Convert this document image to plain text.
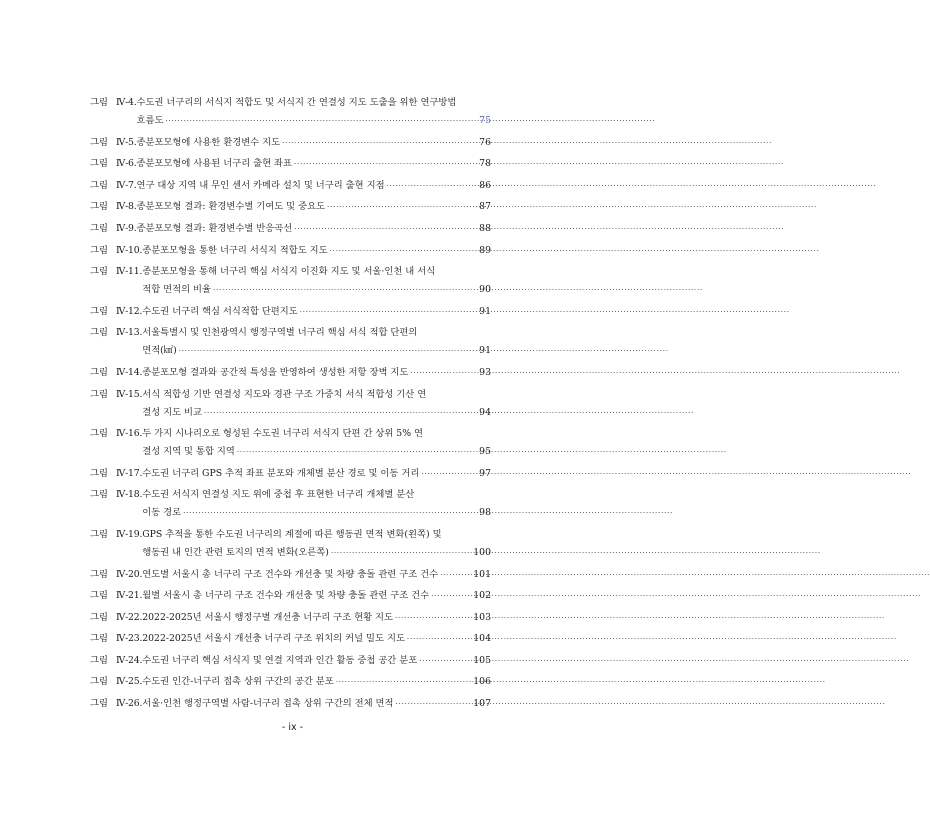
그림 Ⅳ-4. 수도권 너구리의 서식지 적합도 및 서식지 간 연결성 지도 도출을 위한 연구방법
흐름도 ·····	75
그림 Ⅳ-5. 종분포모형에 사용한 환경변수 지도 ·····	76
그림 Ⅳ-6. 종분포모형에 사용된 너구리 출현 좌표 ·····	78
그림 Ⅳ-7. 연구 대상 지역 내 무인 센서 카메라 설치 및 너구리 출현 지점 ·····	86
그림 Ⅳ-8. 종분포모형 결과: 환경변수별 기여도 및 중요도 ·····	87
그림 Ⅳ-9. 종분포모형 결과: 환경변수별 반응곡선 ·····	88
그림 Ⅳ-10. 종분포모형을 통한 너구리 서식지 적합도 지도 ·····	89
그림 Ⅳ-11. 종분포모형을 통해 너구리 핵심 서식지 이진화 지도 및 서울·인천 내 서식
적합 면적의 비율 ·····	90
그림 Ⅳ-12. 수도권 너구리 핵심 서식적합 단편지도 ·····	91
그림 Ⅳ-13. 서울특별시 및 인천광역시 행정구역별 너구리 핵심 서식 적합 단편의
면적(㎢) ·····	91
그림 Ⅳ-14. 종분포모형 결과와 공간적 특성을 반영하여 생성한 저항 장벽 지도 ·····	93
그림 Ⅳ-15. 서식 적합성 기반 연결성 지도와 경관 구조 가중치 서식 적합성 기산 연
결성 지도 비교 ·····	94
그림 Ⅳ-16. 두 가지 시나리오로 형성된 수도권 너구리 서식지 단편 간 상위 5% 연
결성 지역 및 통합 지역 ·····	95
그림 Ⅳ-17. 수도권 너구리 GPS 추적 좌표 분포와 개체별 분산 경로 및 이동 거리 ·····	97
그림 Ⅳ-18. 수도권 서식지 연결성 지도 위에 중첩 후 표현한 너구리 개체별 분산
이동 경로 ·····	98
그림 Ⅳ-19. GPS 추적을 통한 수도권 너구리의 계절에 따른 행동권 면적 변화(왼쪽) 및
행동권 내 인간 관련 토지의 면적 변화(오른쪽) ·····	100
그림 Ⅳ-20. 연도별 서울시 총 너구리 구조 건수와 개선충 및 차량 충돌 관련 구조 건수 ·····	101
그림 Ⅳ-21. 월별 서울시 총 너구리 구조 건수와 개선충 및 차량 충돌 관련 구조 건수 ·····	102
그림 Ⅳ-22. 2022-2025년 서울시 행정구별 개선충 너구리 구조 현황 지도 ·····	103
그림 Ⅳ-23. 2022-2025년 서울시 개선충 너구리 구조 위치의 커널 밀도 지도 ·····	104
그림 Ⅳ-24. 수도권 너구리 핵심 서식지 및 연결 지역과 인간 활동 중첩 공간 분포 ·····	105
그림 Ⅳ-25. 수도권 인간-너구리 접촉 상위 구간의 공간 분포 ·····	106
그림 Ⅳ-26. 서울·인천 행정구역별 사람-너구리 접촉 상위 구간의 전체 면적 ·····	107
- ix -
